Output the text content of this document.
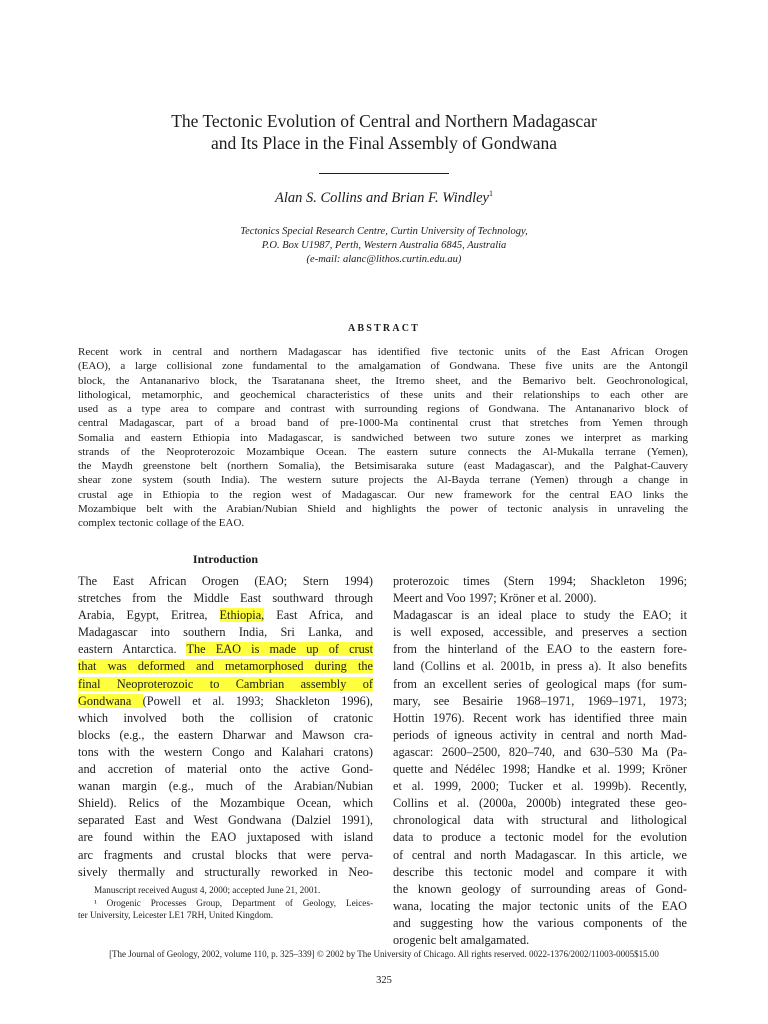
The Tectonic Evolution of Central and Northern Madagascar
and Its Place in the Final Assembly of Gondwana
Alan S. Collins and Brian F. Windley$^1$
Tectonics Special Research Centre, Curtin University of Technology,
P.O. Box U1987, Perth, Western Australia 6845, Australia
(e-mail: alanc@lithos.curtin.edu.au)
ABSTRACT
Recent work in central and northern Madagascar has identified five tectonic units of the East African Orogen
(EAO), a large collisional zone fundamental to the amalgamation of Gondwana. These five units are the Antongil
block, the Antananarivo block, the Tsaratanana sheet, the Itremo sheet, and the Bemarivo belt. Geochronological,
lithological, metamorphic, and geochemical characteristics of these units and their relationships to each other are
used as a type area to compare and contrast with surrounding regions of Gondwana. The Antananarivo block of
central Madagascar, part of a broad band of pre-1000-Ma continental crust that stretches from Yemen through
Somalia and eastern Ethiopia into Madagascar, is sandwiched between two suture zones we interpret as marking
strands of the Neoproterozoic Mozambique Ocean. The eastern suture connects the Al-Mukalla terrane (Yemen),
the Maydh greenstone belt (northern Somalia), the Betsimisaraka suture (east Madagascar), and the Palghat-Cauvery
shear zone system (south India). The western suture projects the Al-Bayda terrane (Yemen) through a change in
crustal age in Ethiopia to the region west of Madagascar. Our new framework for the central EAO links the
Mozambique belt with the Arabian/Nubian Shield and highlights the power of tectonic analysis in unraveling the
complex tectonic collage of the EAO.
Introduction
The East African Orogen (EAO; Stern 1994)
stretches from the Middle East southward through
Arabia, Egypt, Eritrea, Ethiopia, East Africa, and
Madagascar into southern India, Sri Lanka, and
eastern Antarctica. The EAO is made up of crust
that was deformed and metamorphosed during the
final Neoproterozoic to Cambrian assembly of
Gondwana (Powell et al. 1993; Shackleton 1996),
which involved both the collision of cratonic
blocks (e.g., the eastern Dharwar and Mawson cra-
tons with the western Congo and Kalahari cratons)
and accretion of material onto the active Gond-
wanan margin (e.g., much of the Arabian/Nubian
Shield). Relics of the Mozambique Ocean, which
separated East and West Gondwana (Dalziel 1991),
are found within the EAO juxtaposed with island
arc fragments and crustal blocks that were perva-
sively thermally and structurally reworked in Neo-
proterozoic times (Stern 1994; Shackleton 1996;
Meert and Voo 1997; Kröner et al. 2000).
Madagascar is an ideal place to study the EAO; it
is well exposed, accessible, and preserves a section
from the hinterland of the EAO to the eastern fore-
land (Collins et al. 2001b, in press a). It also benefits
from an excellent series of geological maps (for sum-
mary, see Besairie 1968–1971, 1969–1971, 1973;
Hottin 1976). Recent work has identified three main
periods of igneous activity in central and north Mad-
agascar: 2600–2500, 820–740, and 630–530 Ma (Pa-
quette and Nédélec 1998; Handke et al. 1999; Kröner
et al. 1999, 2000; Tucker et al. 1999b). Recently,
Collins et al. (2000a, 2000b) integrated these geo-
chronological data with structural and lithological
data to produce a tectonic model for the evolution
of central and north Madagascar. In this article, we
describe this tectonic model and compare it with
the known geology of surrounding areas of Gond-
wana, locating the major tectonic units of the EAO
and suggesting how the various components of the
orogenic belt amalgamated.
Manuscript received August 4, 2000; accepted June 21, 2001.
¹ Orogenic Processes Group, Department of Geology, Leices-
ter University, Leicester LE1 7RH, United Kingdom.
[The Journal of Geology, 2002, volume 110, p. 325–339] © 2002 by The University of Chicago. All rights reserved. 0022-1376/2002/11003-0005$15.00
325
